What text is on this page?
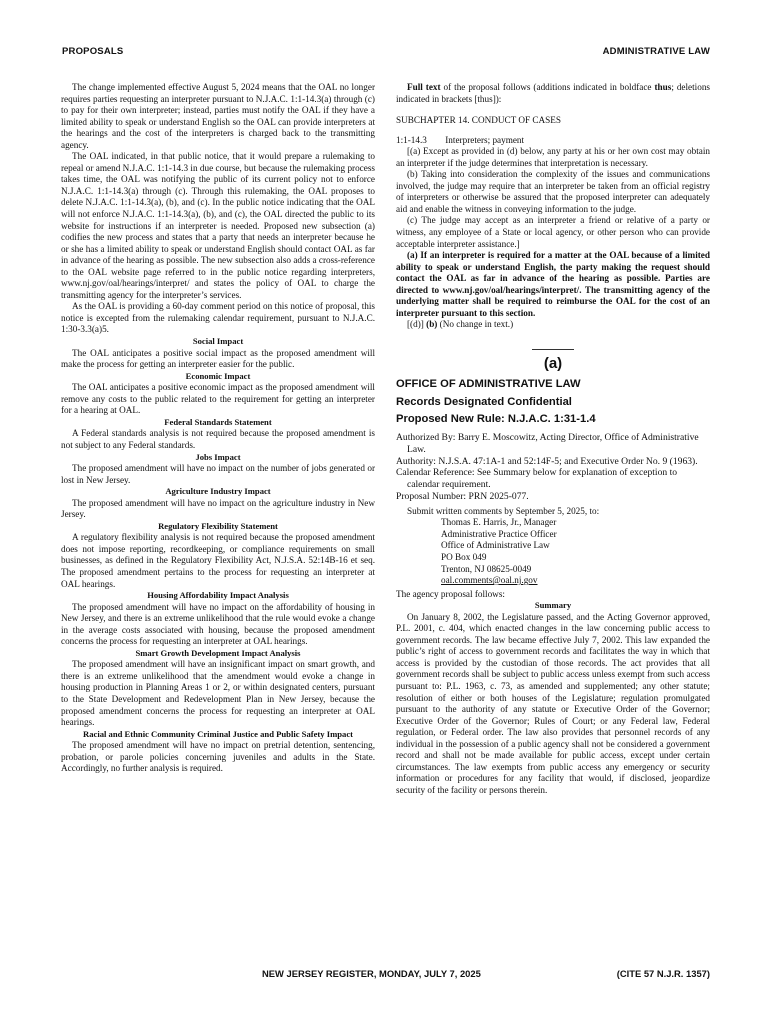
PROPOSALS	ADMINISTRATIVE LAW

The change implemented effective August 5, 2024 means that the OAL no longer requires parties requesting an interpreter pursuant to N.J.A.C. 1:1-14.3(a) through (c) to pay for their own interpreter; instead, parties must notify the OAL if they have a limited ability to speak or understand English so the OAL can provide interpreters at the hearings and the cost of the interpreters is charged back to the transmitting agency.

The OAL indicated, in that public notice, that it would prepare a rulemaking to repeal or amend N.J.A.C. 1:1-14.3 in due course, but because the rulemaking process takes time, the OAL was notifying the public of its current policy not to enforce N.J.A.C. 1:1-14.3(a) through (c). Through this rulemaking, the OAL proposes to delete N.J.A.C. 1:1-14.3(a), (b), and (c). In the public notice indicating that the OAL will not enforce N.J.A.C. 1:1-14.3(a), (b), and (c), the OAL directed the public to its website for instructions if an interpreter is needed. Proposed new subsection (a) codifies the new process and states that a party that needs an interpreter because he or she has a limited ability to speak or understand English should contact OAL as far in advance of the hearing as possible. The new subsection also adds a cross-reference to the OAL website page referred to in the public notice regarding interpreters, www.nj.gov/oal/hearings/interpret/ and states the policy of OAL to charge the transmitting agency for the interpreter’s services.

As the OAL is providing a 60-day comment period on this notice of proposal, this notice is excepted from the rulemaking calendar requirement, pursuant to N.J.A.C. 1:30-3.3(a)5.

Social Impact

The OAL anticipates a positive social impact as the proposed amendment will make the process for getting an interpreter easier for the public.

Economic Impact

The OAL anticipates a positive economic impact as the proposed amendment will remove any costs to the public related to the requirement for getting an interpreter for a hearing at OAL.

Federal Standards Statement

A Federal standards analysis is not required because the proposed amendment is not subject to any Federal standards.

Jobs Impact

The proposed amendment will have no impact on the number of jobs generated or lost in New Jersey.

Agriculture Industry Impact

The proposed amendment will have no impact on the agriculture industry in New Jersey.

Regulatory Flexibility Statement

A regulatory flexibility analysis is not required because the proposed amendment does not impose reporting, recordkeeping, or compliance requirements on small businesses, as defined in the Regulatory Flexibility Act, N.J.S.A. 52:14B-16 et seq. The proposed amendment pertains to the process for requesting an interpreter at OAL hearings.

Housing Affordability Impact Analysis

The proposed amendment will have no impact on the affordability of housing in New Jersey, and there is an extreme unlikelihood that the rule would evoke a change in the average costs associated with housing, because the proposed amendment concerns the process for requesting an interpreter at OAL hearings.

Smart Growth Development Impact Analysis

The proposed amendment will have an insignificant impact on smart growth, and there is an extreme unlikelihood that the amendment would evoke a change in housing production in Planning Areas 1 or 2, or within designated centers, pursuant to the State Development and Redevelopment Plan in New Jersey, because the proposed amendment concerns the process for requesting an interpreter at OAL hearings.

Racial and Ethnic Community Criminal Justice and Public Safety Impact

The proposed amendment will have no impact on pretrial detention, sentencing, probation, or parole policies concerning juveniles and adults in the State. Accordingly, no further analysis is required.

Full text of the proposal follows (additions indicated in boldface thus; deletions indicated in brackets [thus]):

SUBCHAPTER 14. CONDUCT OF CASES

1:1-14.3        Interpreters; payment

[(a) Except as provided in (d) below, any party at his or her own cost may obtain an interpreter if the judge determines that interpretation is necessary.

(b) Taking into consideration the complexity of the issues and communications involved, the judge may require that an interpreter be taken from an official registry of interpreters or otherwise be assured that the proposed interpreter can adequately aid and enable the witness in conveying information to the judge.

(c) The judge may accept as an interpreter a friend or relative of a party or witness, any employee of a State or local agency, or other person who can provide acceptable interpreter assistance.]

(a) If an interpreter is required for a matter at the OAL because of a limited ability to speak or understand English, the party making the request should contact the OAL as far in advance of the hearing as possible. Parties are directed to www.nj.gov/oal/hearings/interpret/. The transmitting agency of the underlying matter shall be required to reimburse the OAL for the cost of an interpreter pursuant to this section.

[(d)] (b) (No change in text.)

(a)

OFFICE OF ADMINISTRATIVE LAW

Records Designated Confidential

Proposed New Rule: N.J.A.C. 1:31-1.4

Authorized By: Barry E. Moscowitz, Acting Director, Office of Administrative Law.

Authority: N.J.S.A. 47:1A-1 and 52:14F-5; and Executive Order No. 9 (1963).

Calendar Reference: See Summary below for explanation of exception to calendar requirement.

Proposal Number: PRN 2025-077.

Submit written comments by September 5, 2025, to:

Thomas E. Harris, Jr., Manager

Administrative Practice Officer

Office of Administrative Law

PO Box 049

Trenton, NJ 08625-0049

oal.comments@oal.nj.gov

The agency proposal follows:

Summary

On January 8, 2002, the Legislature passed, and the Acting Governor approved, P.L. 2001, c. 404, which enacted changes in the law concerning public access to government records. The law became effective July 7, 2002. This law expanded the public’s right of access to government records and facilitates the way in which that access is provided by the custodian of those records. The act provides that all government records shall be subject to public access unless exempt from such access pursuant to: P.L. 1963, c. 73, as amended and supplemented; any other statute; resolution of either or both houses of the Legislature; regulation promulgated pursuant to the authority of any statute or Executive Order of the Governor; Executive Order of the Governor; Rules of Court; or any Federal law, Federal regulation, or Federal order. The law also provides that personnel records of any individual in the possession of a public agency shall not be considered a government record and shall not be made available for public access, except under certain circumstances. The law exempts from public access any emergency or security information or procedures for any facility that would, if disclosed, jeopardize security of the facility or persons therein.

NEW JERSEY REGISTER, MONDAY, JULY 7, 2025	(CITE 57 N.J.R. 1357)
